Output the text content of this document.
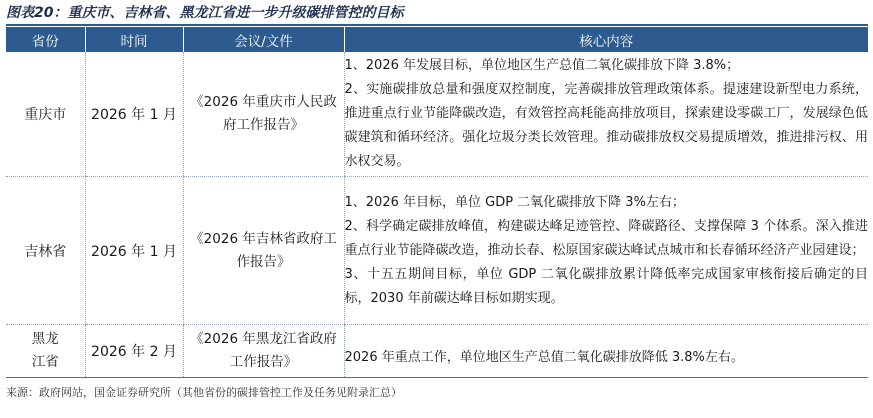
图表20：重庆市、吉林省、黑龙江省进一步升级碳排管控的目标
省份	时间	会议/文件	核心内容
重庆市	2026 年 1 月	《2026 年重庆市人民政府工作报告》	1、2026 年发展目标，单位地区生产总值二氧化碳排放下降 3.8%；
2、实施碳排放总量和强度双控制度，完善碳排放管理政策体系。提速建设新型电力系统，推进重点行业节能降碳改造，有效管控高耗能高排放项目，探索建设零碳工厂，发展绿色低碳建筑和循环经济。强化垃圾分类长效管理。推动碳排放权交易提质增效，推进排污权、用水权交易。

吉林省	2026 年 1 月	《2026 年吉林省政府工作报告》	1、2026 年目标，单位 GDP 二氧化碳排放下降 3%左右；
2、科学确定碳排放峰值，构建碳达峰足迹管控、降碳路径、支撑保障 3 个体系。深入推进重点行业节能降碳改造，推动长春、松原国家碳达峰试点城市和长春循环经济产业园建设；
3、十五五期间目标，单位 GDP 二氧化碳排放累计降低率完成国家审核衔接后确定的目标，2030 年前碳达峰目标如期实现。

黑龙江省	2026 年 2 月	《2026 年黑龙江省政府工作报告》	2026 年重点工作，单位地区生产总值二氧化碳排放降低 3.8%左右。
来源：政府网站，国金证券研究所（其他省份的碳排管控工作及任务见附录汇总）
